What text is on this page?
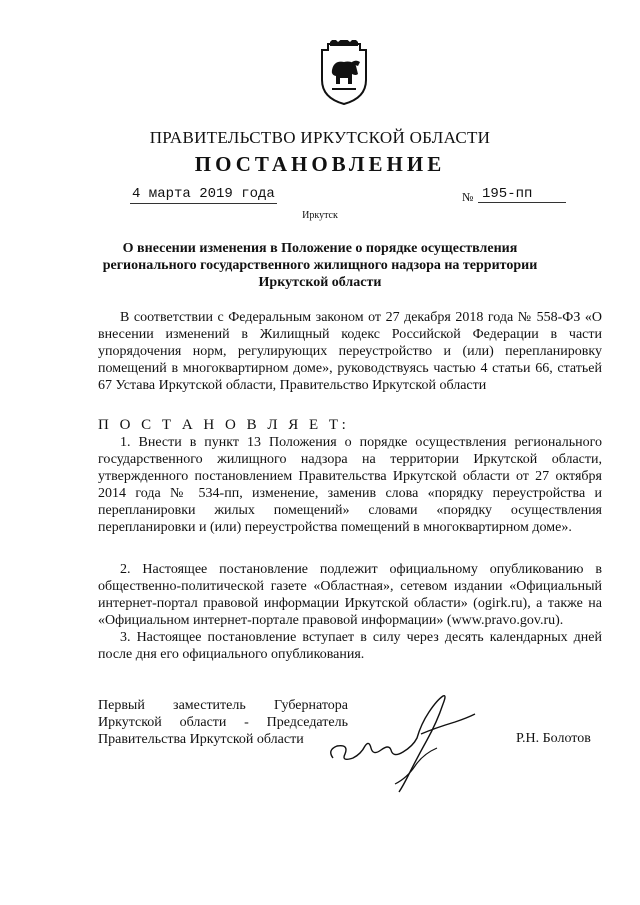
ПРАВИТЕЛЬСТВО ИРКУТСКОЙ ОБЛАСТИ
ПОСТАНОВЛЕНИЕ
4 марта 2019 года	№ 195-пп
Иркутск
О внесении изменения в Положение о порядке осуществления регионального государственного жилищного надзора на территории Иркутской области
В соответствии с Федеральным законом от 27 декабря 2018 года № 558-ФЗ «О внесении изменений в Жилищный кодекс Российской Федерации в части упорядочения норм, регулирующих переустройство и (или) перепланировку помещений в многоквартирном доме», руководствуясь частью 4 статьи 66, статьей 67 Устава Иркутской области, Правительство Иркутской области
П О С Т А Н О В Л Я Е Т:
1. Внести в пункт 13 Положения о порядке осуществления регионального государственного жилищного надзора на территории Иркутской области, утвержденного постановлением Правительства Иркутской области от 27 октября 2014 года № 534-пп, изменение, заменив слова «порядку переустройства и перепланировки жилых помещений» словами «порядку осуществления перепланировки и (или) переустройства помещений в многоквартирном доме».
2. Настоящее постановление подлежит официальному опубликованию в общественно-политической газете «Областная», сетевом издании «Официальный интернет-портал правовой информации Иркутской области» (ogirk.ru), а также на «Официальном интернет-портале правовой информации» (www.pravo.gov.ru).
3. Настоящее постановление вступает в силу через десять календарных дней после дня его официального опубликования.
Первый заместитель Губернатора
Иркутской области - Председатель
Правительства Иркутской области	Р.Н. Болотов
